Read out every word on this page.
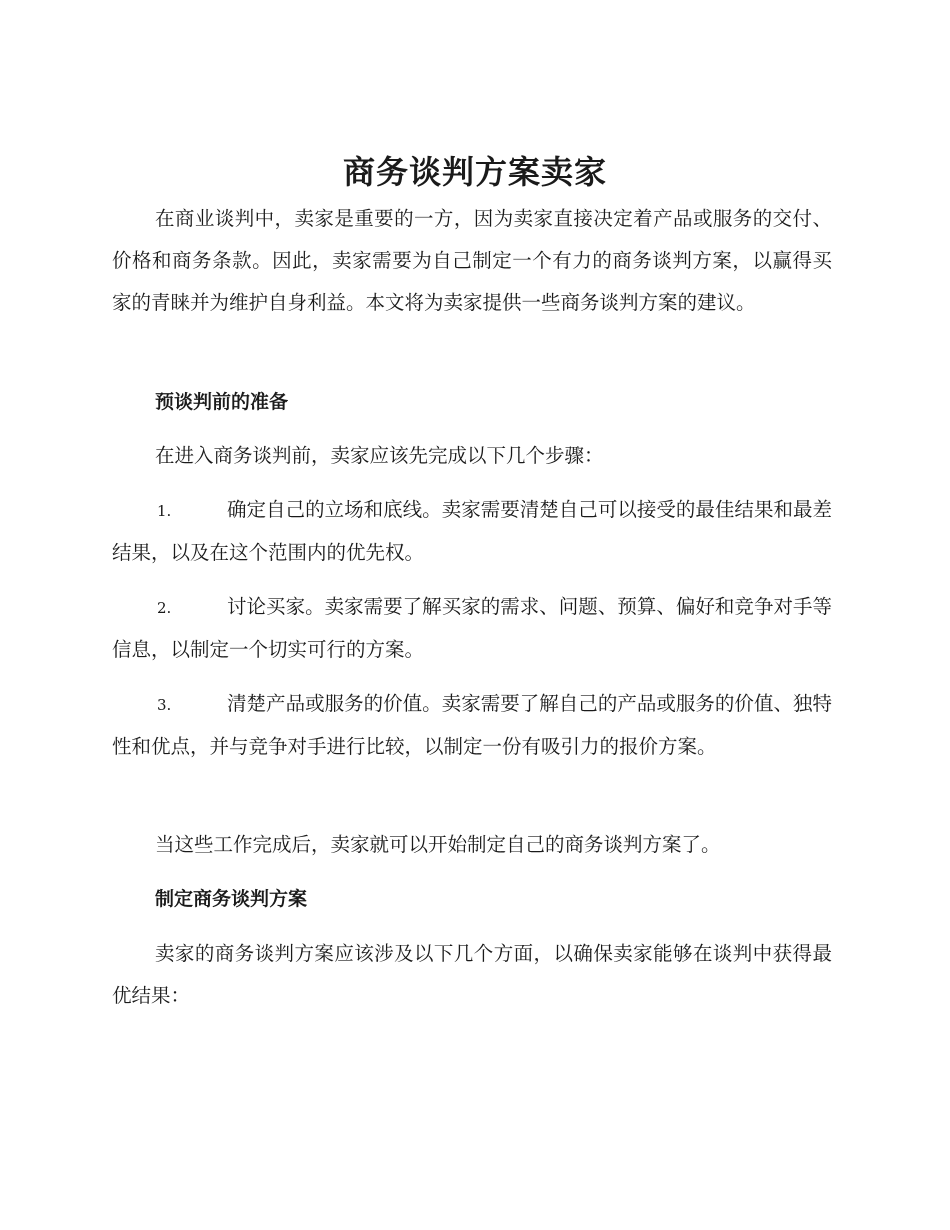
商务谈判方案卖家
在商业谈判中，卖家是重要的一方，因为卖家直接决定着产品或服务的交付、价格和商务条款。因此，卖家需要为自己制定一个有力的商务谈判方案，以赢得买家的青睐并为维护自身利益。本文将为卖家提供一些商务谈判方案的建议。
预谈判前的准备
在进入商务谈判前，卖家应该先完成以下几个步骤：
1.	确定自己的立场和底线。卖家需要清楚自己可以接受的最佳结果和最差结果，以及在这个范围内的优先权。
2.	讨论买家。卖家需要了解买家的需求、问题、预算、偏好和竞争对手等信息，以制定一个切实可行的方案。
3.	清楚产品或服务的价值。卖家需要了解自己的产品或服务的价值、独特性和优点，并与竞争对手进行比较，以制定一份有吸引力的报价方案。
当这些工作完成后，卖家就可以开始制定自己的商务谈判方案了。
制定商务谈判方案
卖家的商务谈判方案应该涉及以下几个方面，以确保卖家能够在谈判中获得最优结果：
